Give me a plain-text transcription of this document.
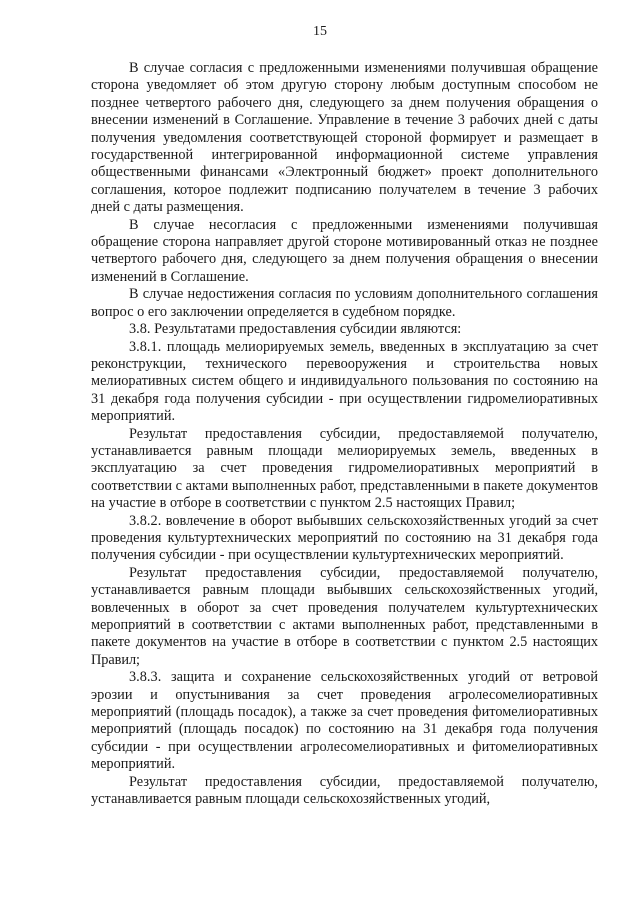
15

В случае согласия с предложенными изменениями получившая обращение сторона уведомляет об этом другую сторону любым доступным способом не позднее четвертого рабочего дня, следующего за днем получения обращения о внесении изменений в Соглашение. Управление в течение 3 рабочих дней с даты получения уведомления соответствующей стороной формирует и размещает в государственной интегрированной информационной системе управления общественными финансами «Электронный бюджет» проект дополнительного соглашения, которое подлежит подписанию получателем в течение 3 рабочих дней с даты размещения.

В случае несогласия с предложенными изменениями получившая обращение сторона направляет другой стороне мотивированный отказ не позднее четвертого рабочего дня, следующего за днем получения обращения о внесении изменений в Соглашение.

В случае недостижения согласия по условиям дополнительного соглашения вопрос о его заключении определяется в судебном порядке.

3.8. Результатами предоставления субсидии являются:

3.8.1. площадь мелиорируемых земель, введенных в эксплуатацию за счет реконструкции, технического перевооружения и строительства новых мелиоративных систем общего и индивидуального пользования по состоянию на 31 декабря года получения субсидии - при осуществлении гидромелиоративных мероприятий.

Результат предоставления субсидии, предоставляемой получателю, устанавливается равным площади мелиорируемых земель, введенных в эксплуатацию за счет проведения гидромелиоративных мероприятий в соответствии с актами выполненных работ, представленными в пакете документов на участие в отборе в соответствии с пунктом 2.5 настоящих Правил;

3.8.2. вовлечение в оборот выбывших сельскохозяйственных угодий за счет проведения культуртехнических мероприятий по состоянию на 31 декабря года получения субсидии - при осуществлении культуртехнических мероприятий.

Результат предоставления субсидии, предоставляемой получателю, устанавливается равным площади выбывших сельскохозяйственных угодий, вовлеченных в оборот за счет проведения получателем культуртехнических мероприятий в соответствии с актами выполненных работ, представленными в пакете документов на участие в отборе в соответствии с пунктом 2.5 настоящих Правил;

3.8.3. защита и сохранение сельскохозяйственных угодий от ветровой эрозии и опустынивания за счет проведения агролесомелиоративных мероприятий (площадь посадок), а также за счет проведения фитомелиоративных мероприятий (площадь посадок) по состоянию на 31 декабря года получения субсидии - при осуществлении агролесомелиоративных и фитомелиоративных мероприятий.

Результат предоставления субсидии, предоставляемой получателю, устанавливается равным площади сельскохозяйственных угодий,
